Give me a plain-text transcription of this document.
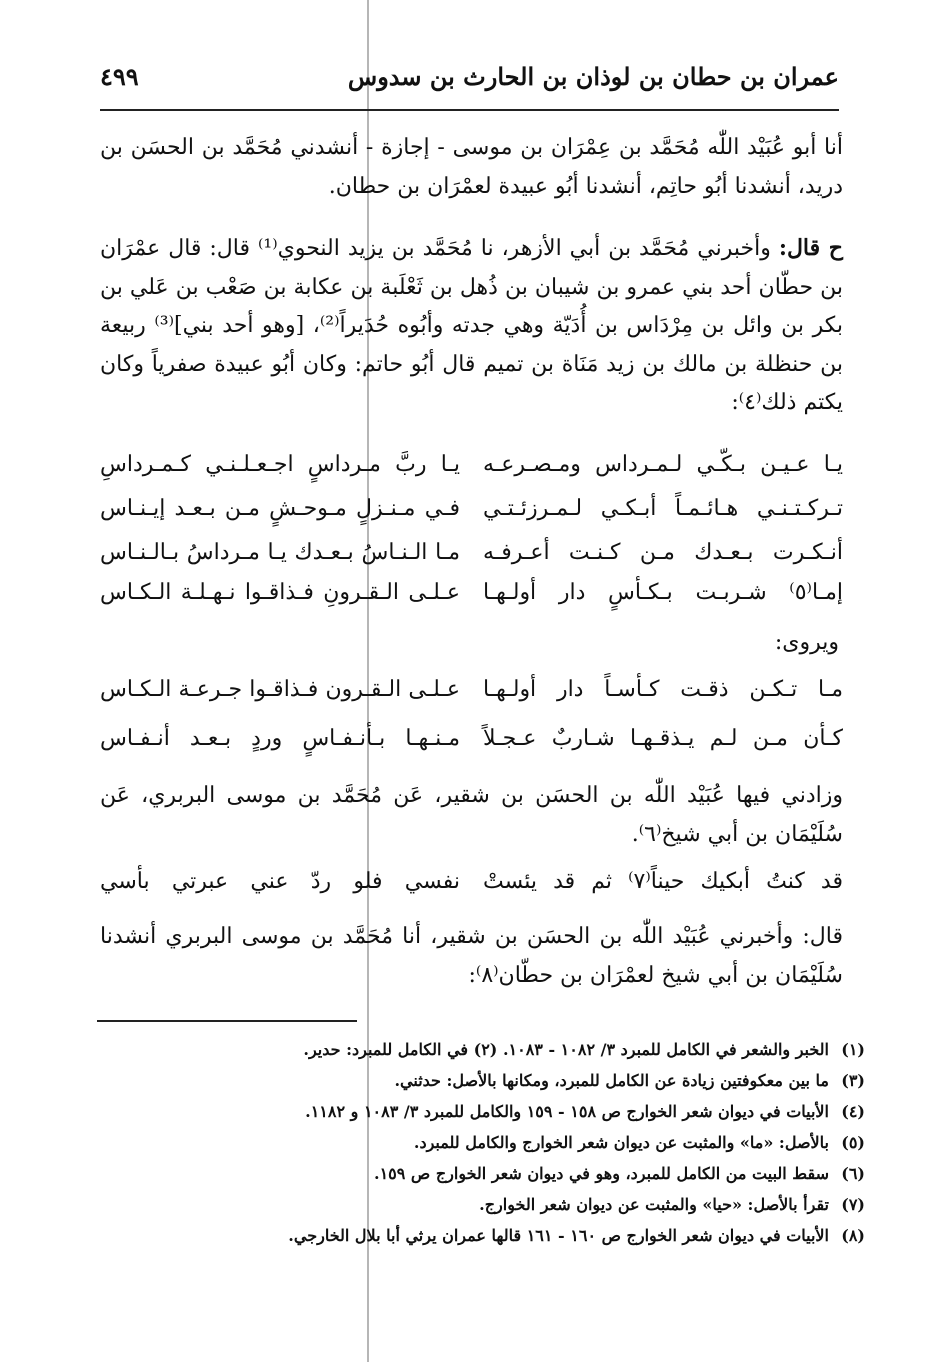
عمران بن حطان بن لوذان بن الحارث بن سدوس
٤٩٩
أنا أبو عُبَيْد اللّٰه مُحَمَّد بن عِمْرَان بن موسى - إجازة - أنشدني مُحَمَّد بن الحسَن بن دريد، أنشدنا أبُو حاتِم، أنشدنا أبُو عبيدة لعمْرَان بن حطان.
ح قال: وأخبرني مُحَمَّد بن أبي الأزهر، نا مُحَمَّد بن يزيد النحوي⁽¹⁾ قال: قال عمْرَان بن حطّان أحد بني عمرو بن شيبان بن ذُهل بن ثَعْلَبة بن عكابة بن صَعْب بن عَلي بن بكر بن وائل بن مِرْدَاس بن أُدَيّة وهي جدته وأبُوه حُدَيراً⁽²⁾، [وهو أحد بني]⁽³⁾ ربيعة بن حنظلة بن مالك بن زيد مَنَاة بن تميم قال أبُو حاتم: وكان أبُو عبيدة صفرياً وكان يكتم ذلك⁽٤⁾:
يـا عـيـن بـكّـي لـمـرداس ومـصـرعـه
يـا ربَّ مـرداسٍ اجـعـلـنـي كـمـرداسِ
تـركـتـنـي هـائـمـاً أبـكـي لـمـرزئـتـي
فـي مـنـزلٍ مـوحـشٍ مـن بـعـد إيـنـاس
أنـكـرت بـعـدك مـن كـنـت أعـرفـه
مـا الـنـاسُ بـعـدك يـا مـرداسُ بـالـنـاس
إمـا⁽٥⁾ شـربـت بـكـأسٍ دار أولـهـا
عـلـى الـقـرونِ فـذاقـوا نـهـلـة الـكـاس
ويروى:
مـا تـكـن ذقـت كـأسـاً دار أولـهـا
عـلـى الـقـرون فـذاقـوا جـرعـة الـكـاس
كـأن مـن لـم يـذقـهـا شـاربٌ عـجـلاً
مـنـهـا بـأنـفـاسٍ وردٍ بـعـد أنـفـاس
وزادني فيها عُبَيْد اللّٰه بن الحسَن بن شقير، عَن مُحَمَّد بن موسى البربري، عَن سُلَيْمَان بن أبي شيخ⁽٦⁾.
قد كنتُ أبكيك حيناً⁽٧⁾ ثم قد يئستْ
نفسي فلو ردّ عني عبرتي بأسي
قال: وأخبرني عُبَيْد اللّٰه بن الحسَن بن شقير، أنا مُحَمَّد بن موسى البربري أنشدنا سُلَيْمَان بن أبي شيخ لعمْرَان بن حطّان⁽٨⁾:
(١)الخبر والشعر في الكامل للمبرد ٣/ ١٠٨٢ - ١٠٨٣. (٢) في الكامل للمبرد: حدير.
(٣)ما بين معكوفتين زيادة عن الكامل للمبرد، ومكانها بالأصل: حدثني.
(٤)الأبيات في ديوان شعر الخوارج ص ١٥٨ - ١٥٩ والكامل للمبرد ٣/ ١٠٨٣ و ١١٨٢.
(٥)بالأصل: «ما» والمثبت عن ديوان شعر الخوارج والكامل للمبرد.
(٦)سقط البيت من الكامل للمبرد، وهو في ديوان شعر الخوارج ص ١٥٩.
(٧)تقرأ بالأصل: «حيا» والمثبت عن ديوان شعر الخوارج.
(٨)الأبيات في ديوان شعر الخوارج ص ١٦٠ - ١٦١ قالها عمران يرثي أبا بلال الخارجي.
